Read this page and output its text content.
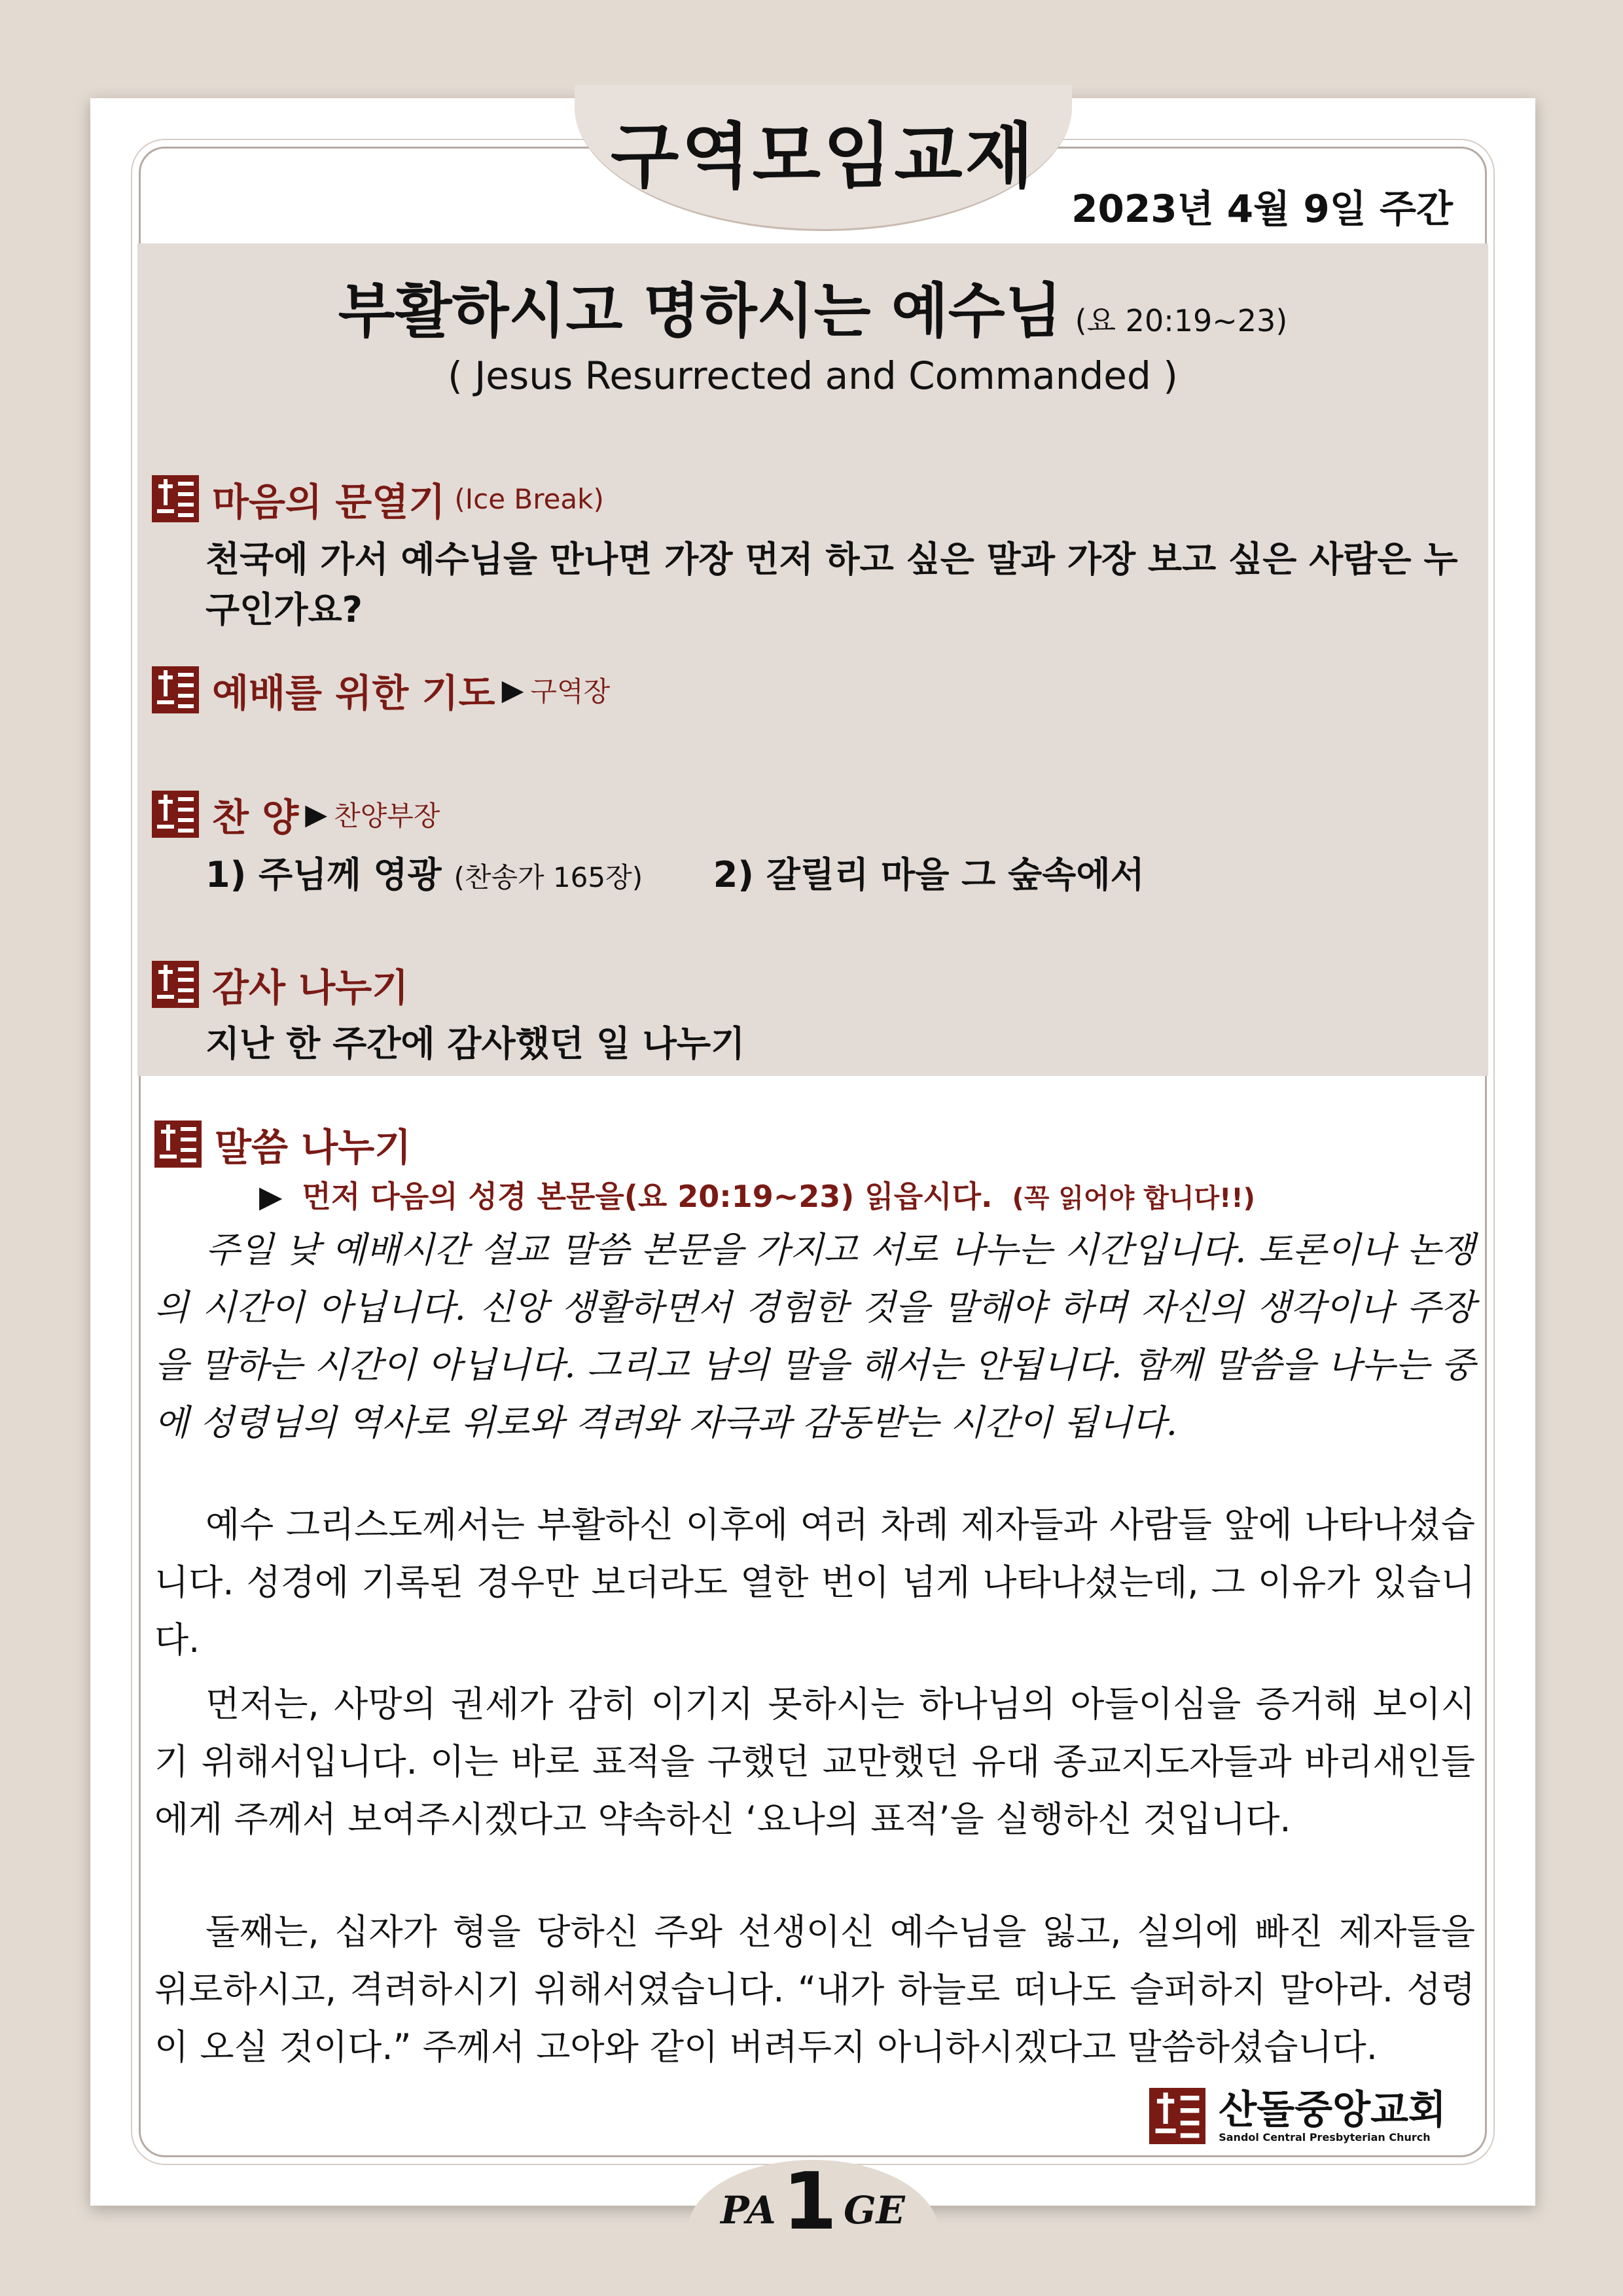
구역모임교재
2023년 4월 9일 주간
부활하시고 명하시는 예수님 (요 20:19~23)
( Jesus Resurrected and Commanded )
마음의 문열기 (Ice Break)
천국에 가서 예수님을 만나면 가장 먼저 하고 싶은 말과 가장 보고 싶은 사람은 누구인가요?
예배를 위한 기도 ▶ 구역장
찬 양 ▶ 찬양부장
1) 주님께 영광 (찬송가 165장) 2) 갈릴리 마을 그 숲속에서
감사 나누기
지난 한 주간에 감사했던 일 나누기
말씀 나누기
▶ 먼저 다음의 성경 본문을(요 20:19~23) 읽읍시다. (꼭 읽어야 합니다!!)
주일 낮 예배시간 설교 말씀 본문을 가지고 서로 나누는 시간입니다. 토론이나 논쟁의 시간이 아닙니다. 신앙 생활하면서 경험한 것을 말해야 하며 자신의 생각이나 주장을 말하는 시간이 아닙니다. 그리고 남의 말을 해서는 안됩니다. 함께 말씀을 나누는 중에 성령님의 역사로 위로와 격려와 자극과 감동받는 시간이 됩니다.
예수 그리스도께서는 부활하신 이후에 여러 차례 제자들과 사람들 앞에 나타나셨습니다. 성경에 기록된 경우만 보더라도 열한 번이 넘게 나타나셨는데, 그 이유가 있습니다.
먼저는, 사망의 권세가 감히 이기지 못하시는 하나님의 아들이심을 증거해 보이시기 위해서입니다. 이는 바로 표적을 구했던 교만했던 유대 종교지도자들과 바리새인들에게 주께서 보여주시겠다고 약속하신 ‘요나의 표적’을 실행하신 것입니다.
둘째는, 십자가 형을 당하신 주와 선생이신 예수님을 잃고, 실의에 빠진 제자들을 위로하시고, 격려하시기 위해서였습니다. “내가 하늘로 떠나도 슬퍼하지 말아라. 성령이 오실 것이다.” 주께서 고아와 같이 버려두지 아니하시겠다고 말씀하셨습니다.
산돌중앙교회
Sandol Central Presbyterian Church
PA1 GE
